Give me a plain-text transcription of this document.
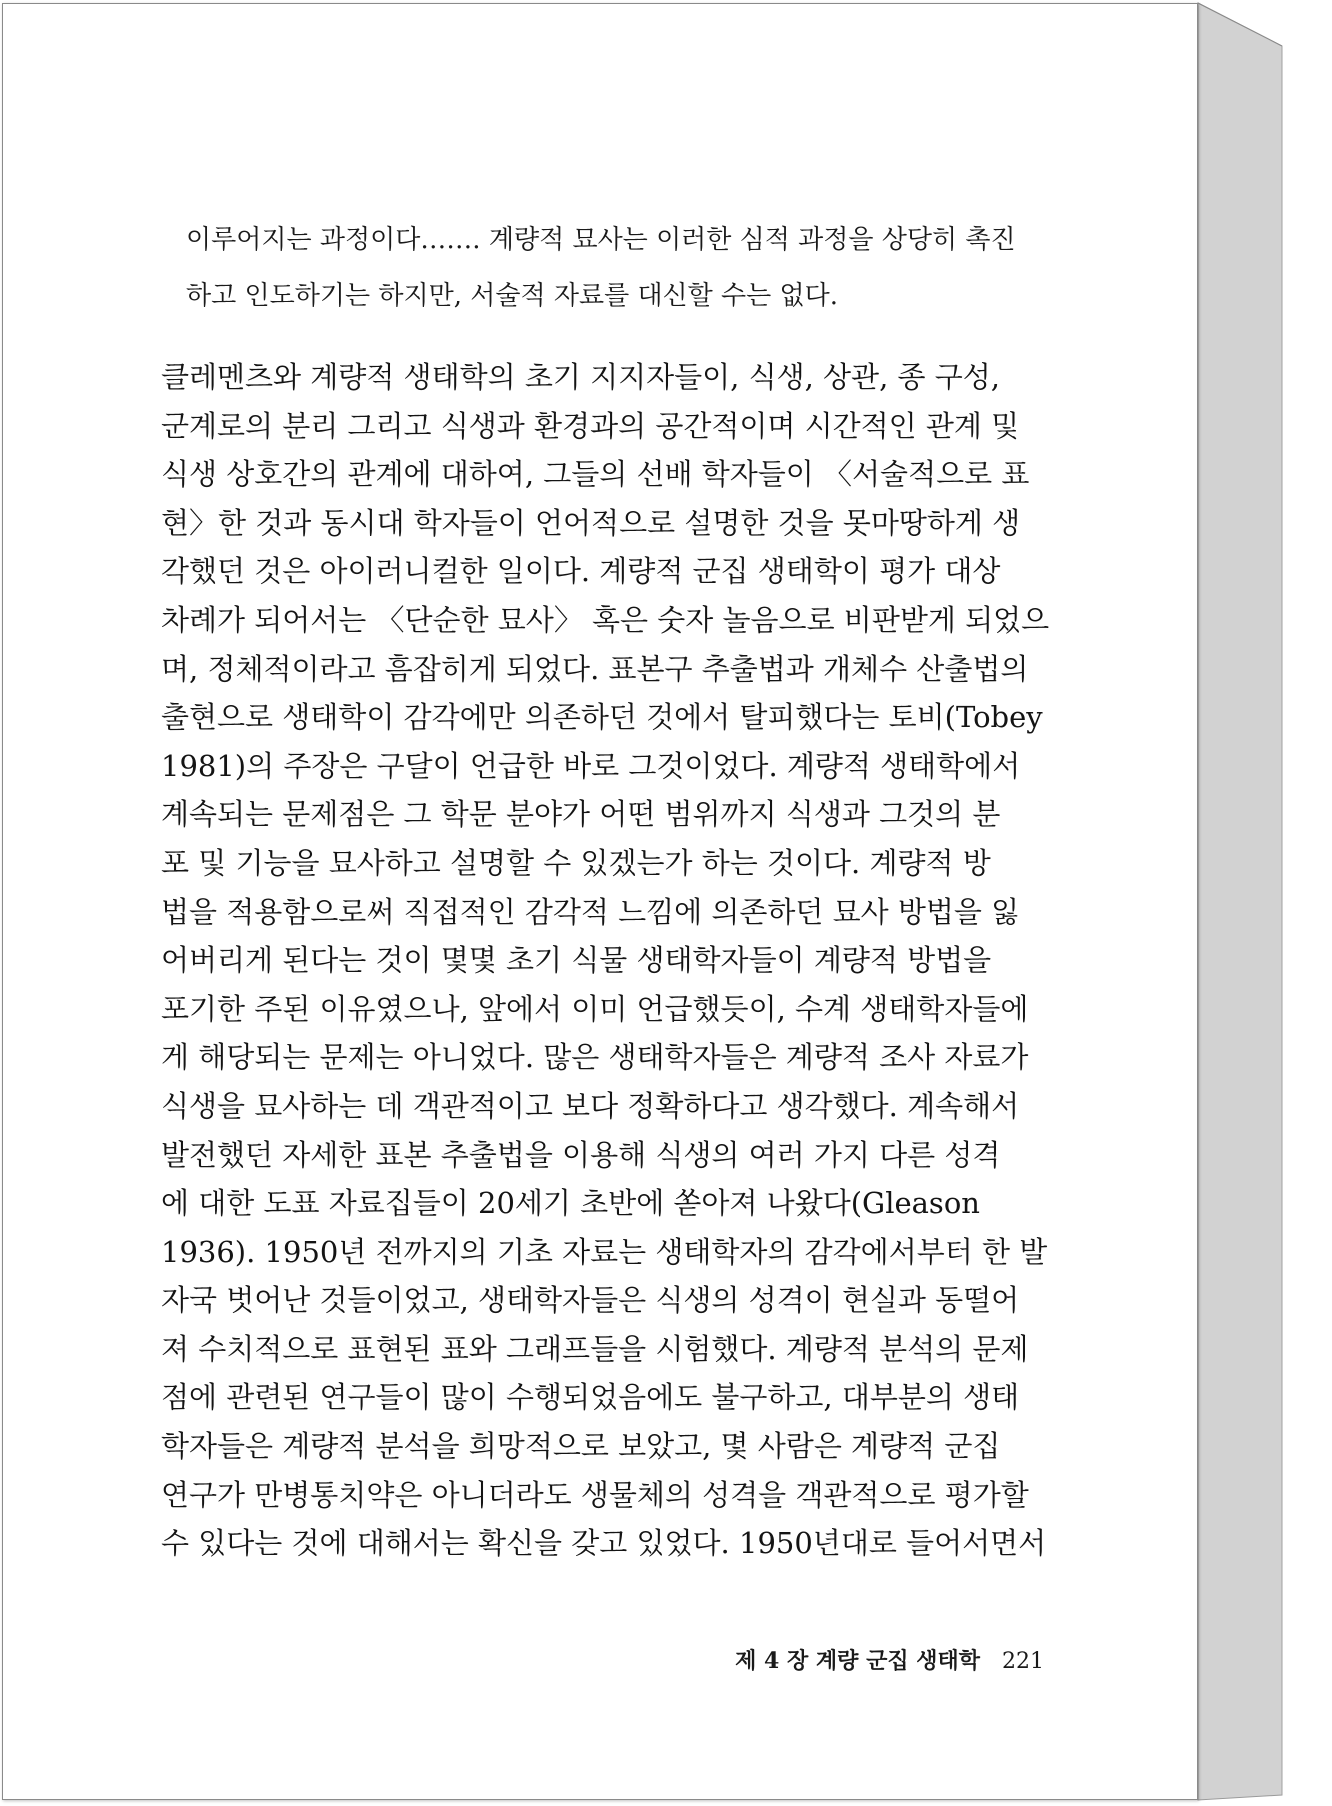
이루어지는 과정이다……. 계량적 묘사는 이러한 심적 과정을 상당히 촉진
하고 인도하기는 하지만, 서술적 자료를 대신할 수는 없다.
클레멘츠와 계량적 생태학의 초기 지지자들이, 식생, 상관, 종 구성,
군계로의 분리 그리고 식생과 환경과의 공간적이며 시간적인 관계 및
식생 상호간의 관계에 대하여, 그들의 선배 학자들이 〈서술적으로 표
현〉한 것과 동시대 학자들이 언어적으로 설명한 것을 못마땅하게 생
각했던 것은 아이러니컬한 일이다. 계량적 군집 생태학이 평가 대상
차례가 되어서는 〈단순한 묘사〉 혹은 숫자 놀음으로 비판받게 되었으
며, 정체적이라고 흠잡히게 되었다. 표본구 추출법과 개체수 산출법의
출현으로 생태학이 감각에만 의존하던 것에서 탈피했다는 토비(Tobey
1981)의 주장은 구달이 언급한 바로 그것이었다. 계량적 생태학에서
계속되는 문제점은 그 학문 분야가 어떤 범위까지 식생과 그것의 분
포 및 기능을 묘사하고 설명할 수 있겠는가 하는 것이다. 계량적 방
법을 적용함으로써 직접적인 감각적 느낌에 의존하던 묘사 방법을 잃
어버리게 된다는 것이 몇몇 초기 식물 생태학자들이 계량적 방법을
포기한 주된 이유였으나, 앞에서 이미 언급했듯이, 수계 생태학자들에
게 해당되는 문제는 아니었다. 많은 생태학자들은 계량적 조사 자료가
식생을 묘사하는 데 객관적이고 보다 정확하다고 생각했다. 계속해서
발전했던 자세한 표본 추출법을 이용해 식생의 여러 가지 다른 성격
에 대한 도표 자료집들이 20세기 초반에 쏟아져 나왔다(Gleason
1936). 1950년 전까지의 기초 자료는 생태학자의 감각에서부터 한 발
자국 벗어난 것들이었고, 생태학자들은 식생의 성격이 현실과 동떨어
져 수치적으로 표현된 표와 그래프들을 시험했다. 계량적 분석의 문제
점에 관련된 연구들이 많이 수행되었음에도 불구하고, 대부분의 생태
학자들은 계량적 분석을 희망적으로 보았고, 몇 사람은 계량적 군집
연구가 만병통치약은 아니더라도 생물체의 성격을 객관적으로 평가할
수 있다는 것에 대해서는 확신을 갖고 있었다. 1950년대로 들어서면서
제 4 장 계량 군집 생태학 221
